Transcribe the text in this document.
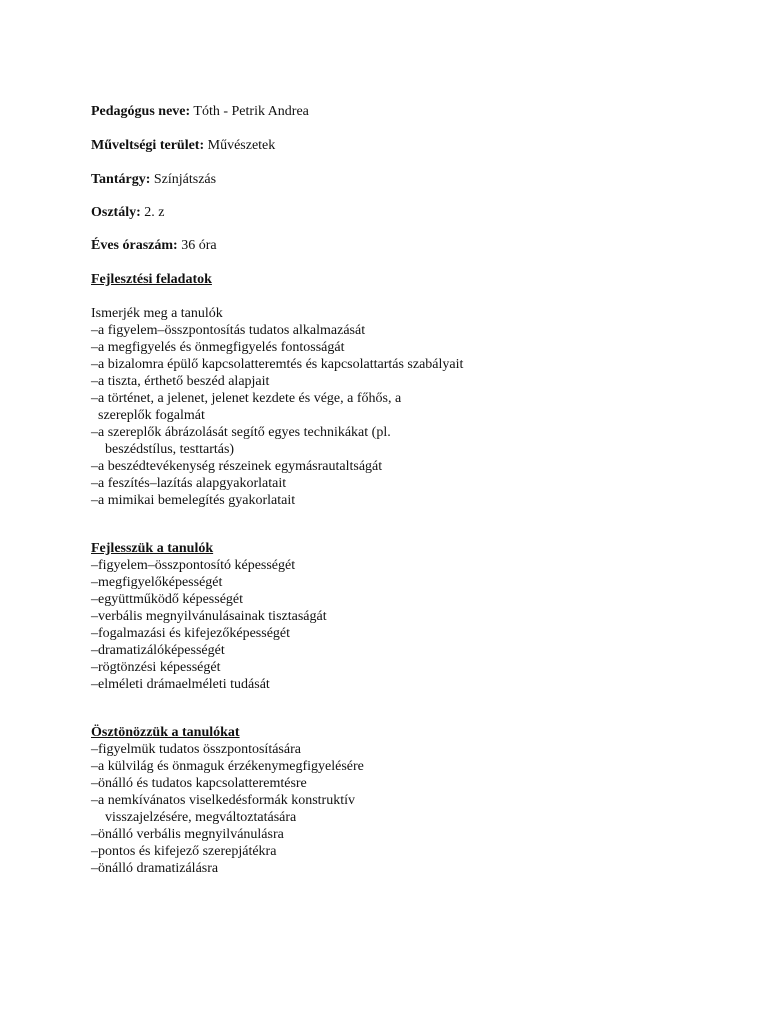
Pedagógus neve: Tóth - Petrik Andrea
Műveltségi terület: Művészetek
Tantárgy: Színjátszás
Osztály: 2. z
Éves óraszám: 36 óra
Fejlesztési feladatok
Ismerjék meg a tanulók
–a figyelem–összpontosítás tudatos alkalmazását
–a megfigyelés és önmegfigyelés fontosságát
–a bizalomra épülő kapcsolatteremtés és kapcsolattartás szabályait
–a tiszta, érthető beszéd alapjait
–a történet, a jelenet, jelenet kezdete és vége, a főhős, a
szereplők fogalmát
–a szereplők ábrázolását segítő egyes technikákat (pl.
beszédstílus, testtartás)
–a beszédtevékenység részeinek egymásrautaltságát
–a feszítés–lazítás alapgyakorlatait
–a mimikai bemelegítés gyakorlatait
Fejlesszük a tanulók
–figyelem–összpontosító képességét
–megfigyelőképességét
–együttműködő képességét
–verbális megnyilvánulásainak tisztaságát
–fogalmazási és kifejezőképességét
–dramatizálóképességét
–rögtönzési képességét
–elméleti drámaelméleti tudását
Ösztönözzük a tanulókat
–figyelmük tudatos összpontosítására
–a külvilág és önmaguk érzékenymegfigyelésére
–önálló és tudatos kapcsolatteremtésre
–a nemkívánatos viselkedésformák konstruktív
visszajelzésére, megváltoztatására
–önálló verbális megnyilvánulásra
–pontos és kifejező szerepjátékra
–önálló dramatizálásra
